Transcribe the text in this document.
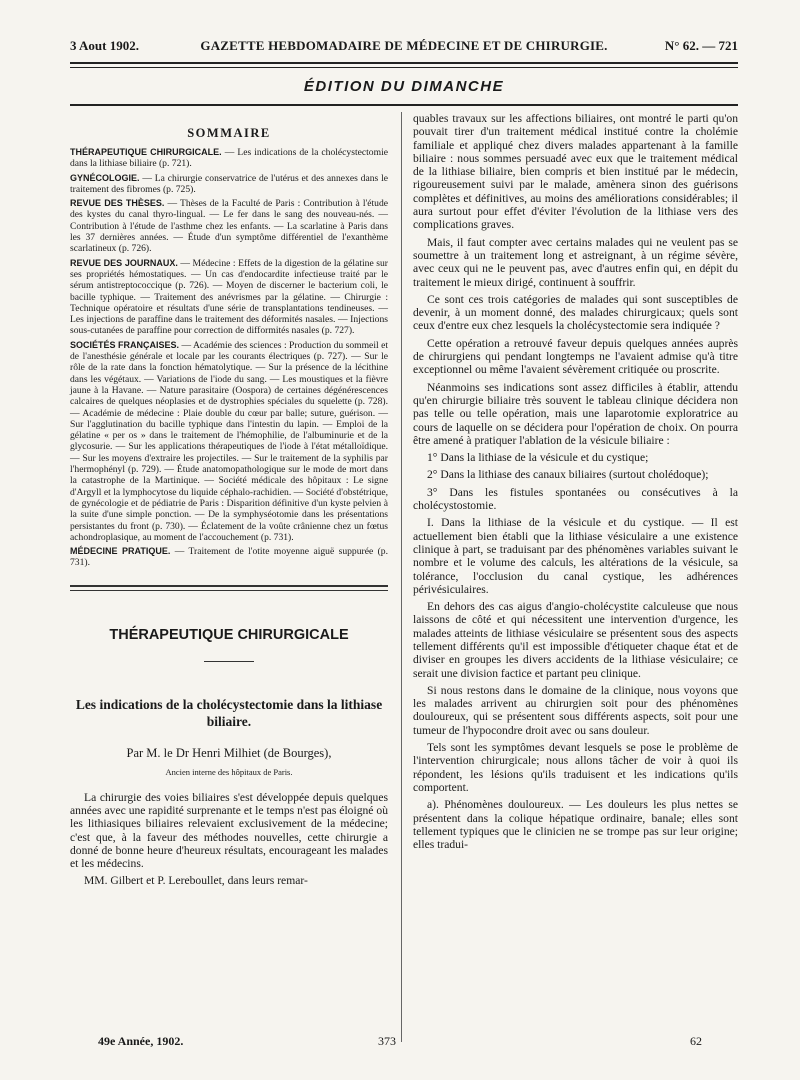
3 Aout 1902.	GAZETTE HEBDOMADAIRE DE MÉDECINE ET DE CHIRURGIE.	N° 62. — 721
ÉDITION DU DIMANCHE
SOMMAIRE

THÉRAPEUTIQUE CHIRURGICALE. — Les indications de la cholécystectomie dans la lithiase biliaire (p. 721).

GYNÉCOLOGIE. — La chirurgie conservatrice de l'utérus et des annexes dans le traitement des fibromes (p. 725).

REVUE DES THÈSES. — Thèses de la Faculté de Paris : Contribution à l'étude des kystes du canal thyro-lingual. — Le fer dans le sang des nouveau-nés. — Contribution à l'étude de l'asthme chez les enfants. — La scarlatine à Paris dans les 37 dernières années. — Étude d'un symptôme différentiel de l'exanthème scarlatineux (p. 726).

REVUE DES JOURNAUX. — Médecine : Effets de la digestion de la gélatine sur ses propriétés hémostatiques. — Un cas d'endocardite infectieuse traité par le sérum antistreptococcique (p. 726). — Moyen de discerner le bacterium coli, le bacille typhique. — Traitement des anévrismes par la gélatine. — Chirurgie : Technique opératoire et résultats d'une série de transplantations tendineuses. — Les injections de paraffine dans le traitement des déformités nasales. — Injections sous-cutanées de paraffine pour correction de difformités nasales (p. 727).

SOCIÉTÉS FRANÇAISES. — Académie des sciences : Production du sommeil et de l'anesthésie générale et locale par les courants électriques (p. 727). — Sur le rôle de la rate dans la fonction hématolytique. — Sur la présence de la lécithine dans les végétaux. — Variations de l'iode du sang. — Les moustiques et la fièvre jaune à la Havane. — Nature parasitaire (Oospora) de certaines dégénérescences calcaires de quelques néoplasies et de dystrophies spéciales du squelette (p. 728). — Académie de médecine : Plaie double du cœur par balle; suture, guérison. — Sur l'agglutination du bacille typhique dans l'intestin du lapin. — Emploi de la gélatine « per os » dans le traitement de l'hémophilie, de l'albuminurie et de la glycosurie. — Sur les applications thérapeutiques de l'iode à l'état métalloïdique. — Sur les moyens d'extraire les projectiles. — Sur le traitement de la syphilis par l'hermophényl (p. 729). — Étude anatomopathologique sur le mode de mort dans la catastrophe de la Martinique. — Société médicale des hôpitaux : Le signe d'Argyll et la lymphocytose du liquide céphalo-rachidien. — Société d'obstétrique, de gynécologie et de pédiatrie de Paris : Disparition définitive d'un kyste pelvien à la suite d'une simple ponction. — De la symphyséotomie dans les présentations persistantes du front (p. 730). — Éclatement de la voûte crânienne chez un fœtus achondroplasique, au moment de l'accouchement (p. 731).

MÉDECINE PRATIQUE. — Traitement de l'otite moyenne aiguë suppurée (p. 731).

THÉRAPEUTIQUE CHIRURGICALE
Les indications de la cholécystectomie dans la lithiase biliaire.
Par M. le Dr Henri Milhiet (de Bourges),
Ancien interne des hôpitaux de Paris.

La chirurgie des voies biliaires s'est développée depuis quelques années avec une rapidité surprenante et le temps n'est pas éloigné où les lithiasiques biliaires relevaient exclusivement de la médecine; c'est que, à la faveur des méthodes nouvelles, cette chirurgie a donné de bonne heure d'heureux résultats, encourageant les malades et les médecins.

MM. Gilbert et P. Lereboullet, dans leurs remar-

quables travaux sur les affections biliaires, ont montré le parti qu'on pouvait tirer d'un traitement médical institué contre la cholémie familiale et appliqué chez divers malades appartenant à la famille biliaire : nous sommes persuadé avec eux que le traitement médical de la lithiase biliaire, bien compris et bien institué par le médecin, rigoureusement suivi par le malade, amènera sinon des guérisons complètes et définitives, au moins des améliorations considérables; il aura surtout pour effet d'éviter l'évolution de la lithiase vers des complications graves.

Mais, il faut compter avec certains malades qui ne veulent pas se soumettre à un traitement long et astreignant, à un régime sévère, avec ceux qui ne le peuvent pas, avec d'autres enfin qui, en dépit du traitement le mieux dirigé, continuent à souffrir.

Ce sont ces trois catégories de malades qui sont susceptibles de devenir, à un moment donné, des malades chirurgicaux; quels sont ceux d'entre eux chez lesquels la cholécystectomie sera indiquée ?

Cette opération a retrouvé faveur depuis quelques années auprès de chirurgiens qui pendant longtemps ne l'avaient admise qu'à titre exceptionnel ou même l'avaient sévèrement critiquée ou proscrite.

Néanmoins ses indications sont assez difficiles à établir, attendu qu'en chirurgie biliaire très souvent le tableau clinique décidera non pas telle ou telle opération, mais une laparotomie exploratrice au cours de laquelle on se décidera pour l'opération de choix. On pourra être amené à pratiquer l'ablation de la vésicule biliaire :

1° Dans la lithiase de la vésicule et du cystique;

2° Dans la lithiase des canaux biliaires (surtout cholédoque);

3° Dans les fistules spontanées ou consécutives à la cholécystostomie.

I. Dans la lithiase de la vésicule et du cystique. — Il est actuellement bien établi que la lithiase vésiculaire a une existence clinique à part, se traduisant par des phénomènes variables suivant le nombre et le volume des calculs, les altérations de la vésicule, sa tolérance, l'occlusion du canal cystique, les adhérences périvésiculaires.

En dehors des cas aigus d'angio-cholécystite calculeuse que nous laissons de côté et qui nécessitent une intervention d'urgence, les malades atteints de lithiase vésiculaire se présentent sous des aspects tellement différents qu'il est impossible d'étiqueter chaque état et de diviser en groupes les divers accidents de la lithiase vésiculaire; ce serait une division factice et partant peu clinique.

Si nous restons dans le domaine de la clinique, nous voyons que les malades arrivent au chirurgien soit pour des phénomènes douloureux, qui se présentent sous différents aspects, soit pour une tumeur de l'hypocondre droit avec ou sans douleur.

Tels sont les symptômes devant lesquels se pose le problème de l'intervention chirurgicale; nous allons tâcher de voir à quoi ils répondent, les lésions qu'ils traduisent et les indications qu'ils comportent.

a). Phénomènes douloureux. — Les douleurs les plus nettes se présentent dans la colique hépatique ordinaire, banale; elles sont tellement typiques que le clinicien ne se trompe pas sur leur origine; elles tradui-

49e Année, 1902.	373	62
